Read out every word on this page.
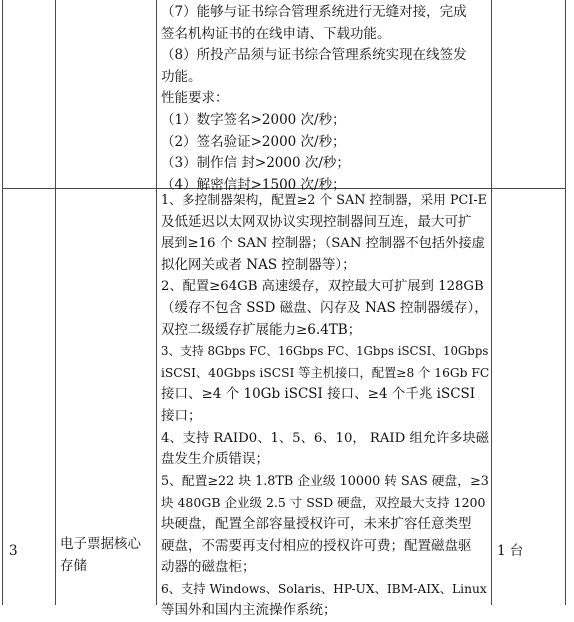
（7）能够与证书综合管理系统进行无缝对接，完成
签名机构证书的在线申请、下载功能。
（8）所投产品须与证书综合管理系统实现在线签发
功能。
性能要求：
（1）数字签名>2000 次/秒；
（2）签名验证>2000 次/秒；
（3）制作信 封>2000 次/秒；
（4）解密信封>1500 次/秒；
3	电子票据核心
存储
1 台
1、多控制器架构，配置≥2 个 SAN 控制器，采用 PCI-E
及低延迟以太网双协议实现控制器间互连，最大可扩
展到≥16 个 SAN 控制器；（SAN 控制器不包括外接虚
拟化网关或者 NAS 控制器等）；
2、配置≥64GB 高速缓存，双控最大可扩展到 128GB
（缓存不包含 SSD 磁盘、闪存及 NAS 控制器缓存），
双控二级缓存扩展能力≥6.4TB；
3、支持 8Gbps FC、16Gbps FC、1Gbps iSCSI、10Gbps
iSCSI、40Gbps iSCSI 等主机接口，配置≥8 个 16Gb FC
接口、≥4 个 10Gb iSCSI 接口、≥4 个千兆 iSCSI
接口；
4、支持 RAID0、1、5、6、10， RAID 组允许多块磁
盘发生介质错误；
5、配置≥22 块 1.8TB 企业级 10000 转 SAS 硬盘，≥3
块 480GB 企业级 2.5 寸 SSD 硬盘，双控最大支持 1200
块硬盘，配置全部容量授权许可，未来扩容任意类型
硬盘，不需要再支付相应的授权许可费；配置磁盘驱
动器的磁盘柜；
6、支持 Windows、Solaris、HP-UX、IBM-AIX、Linux
等国外和国内主流操作系统；
